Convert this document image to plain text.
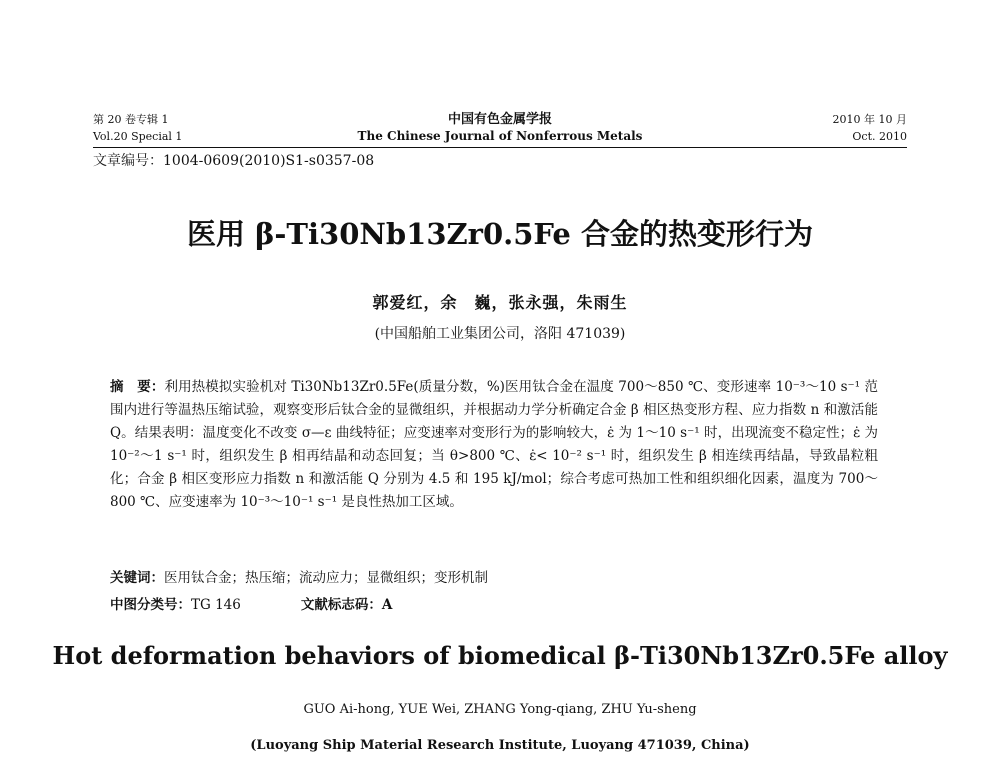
第 20 卷专辑 1	中国有色金属学报	2010 年 10 月
Vol.20 Special 1	The Chinese Journal of Nonferrous Metals	Oct. 2010
文章编号：1004-0609(2010)S1-s0357-08
医用 β-Ti30Nb13Zr0.5Fe 合金的热变形行为
郭爱红，余　巍，张永强，朱雨生
(中国船舶工业集团公司，洛阳 471039)
摘　要：利用热模拟实验机对 Ti30Nb13Zr0.5Fe(质量分数，%)医用钛合金在温度 700～850 ℃、变形速率 10⁻³～10 s⁻¹ 范围内进行等温热压缩试验，观察变形后钛合金的显微组织，并根据动力学分析确定合金 β 相区热变形方程、应力指数 n 和激活能 Q。结果表明：温度变化不改变 σ—ε 曲线特征；应变速率对变形行为的影响较大，ε̇ 为 1～10 s⁻¹ 时，出现流变不稳定性；ε̇ 为 10⁻²～1 s⁻¹ 时，组织发生 β 相再结晶和动态回复；当 θ>800 ℃、ε̇< 10⁻² s⁻¹ 时，组织发生 β 相连续再结晶，导致晶粒粗化；合金 β 相区变形应力指数 n 和激活能 Q 分别为 4.5 和 195 kJ/mol；综合考虑可热加工性和组织细化因素，温度为 700～800 ℃、应变速率为 10⁻³～10⁻¹ s⁻¹ 是良性热加工区域。
关键词：医用钛合金；热压缩；流动应力；显微组织；变形机制
中图分类号：TG 146	文献标志码：A
Hot deformation behaviors of biomedical β-Ti30Nb13Zr0.5Fe alloy
GUO Ai-hong, YUE Wei, ZHANG Yong-qiang, ZHU Yu-sheng
(Luoyang Ship Material Research Institute, Luoyang 471039, China)
